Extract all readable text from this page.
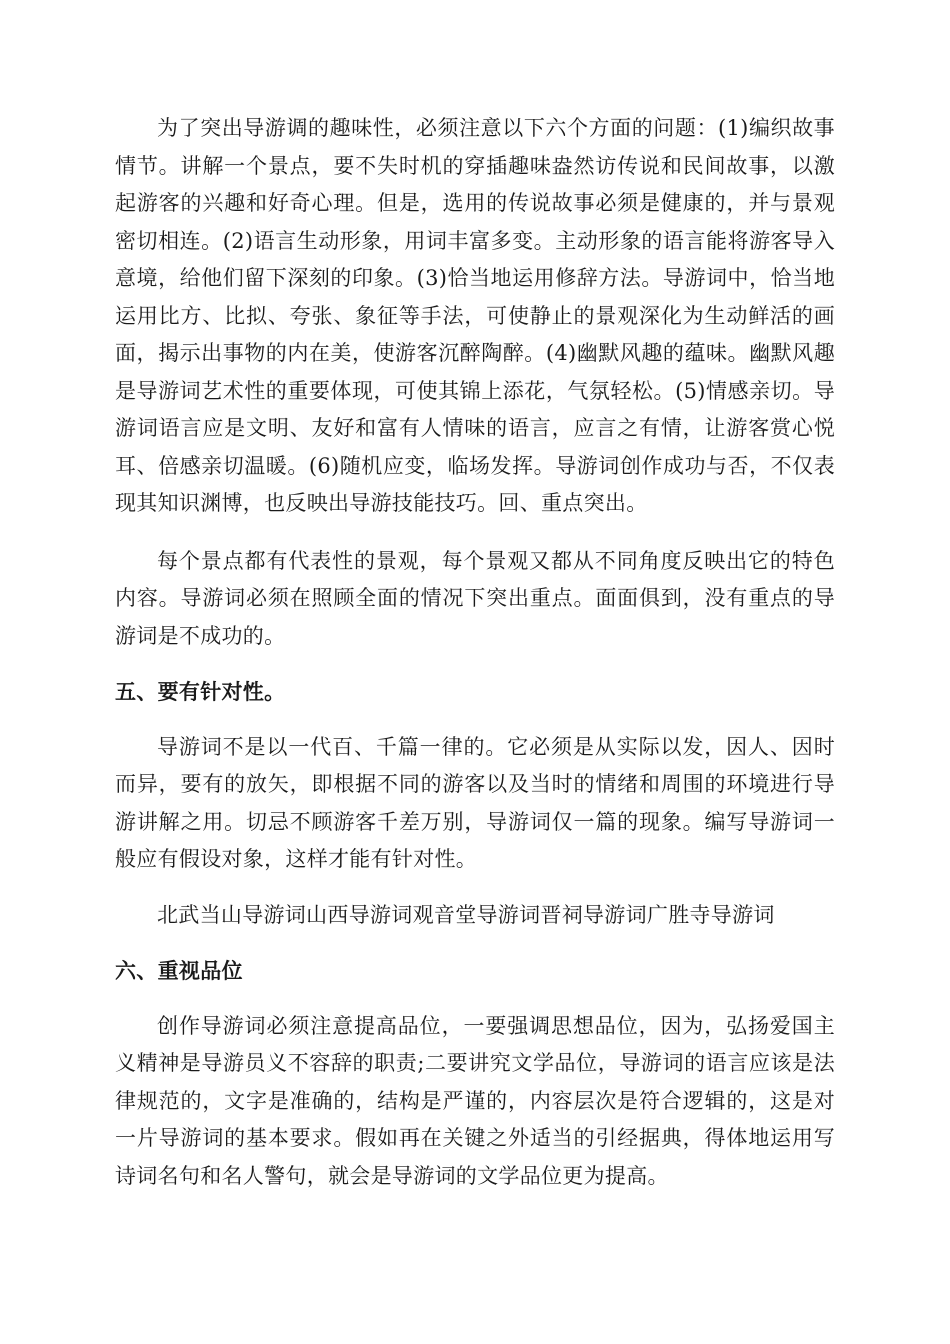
为了突出导游调的趣味性，必须注意以下六个方面的问题：(1)编织故事情节。讲解一个景点，要不失时机的穿插趣味盎然访传说和民间故事，以激起游客的兴趣和好奇心理。但是，选用的传说故事必须是健康的，并与景观密切相连。(2)语言生动形象，用词丰富多变。主动形象的语言能将游客导入意境，给他们留下深刻的印象。(3)恰当地运用修辞方法。导游词中，恰当地运用比方、比拟、夸张、象征等手法，可使静止的景观深化为生动鲜活的画面，揭示出事物的内在美，使游客沉醉陶醉。(4)幽默风趣的蕴味。幽默风趣是导游词艺术性的重要体现，可使其锦上添花，气氛轻松。(5)情感亲切。导游词语言应是文明、友好和富有人情味的语言，应言之有情，让游客赏心悦耳、倍感亲切温暖。(6)随机应变，临场发挥。导游词创作成功与否，不仅表现其知识渊博，也反映出导游技能技巧。回、重点突出。

每个景点都有代表性的景观，每个景观又都从不同角度反映出它的特色内容。导游词必须在照顾全面的情况下突出重点。面面俱到，没有重点的导游词是不成功的。

五、要有针对性。

导游词不是以一代百、千篇一律的。它必须是从实际以发，因人、因时而异，要有的放矢，即根据不同的游客以及当时的情绪和周围的环境进行导游讲解之用。切忌不顾游客千差万别，导游词仅一篇的现象。编写导游词一般应有假设对象，这样才能有针对性。

北武当山导游词山西导游词观音堂导游词晋祠导游词广胜寺导游词

六、重视品位

创作导游词必须注意提高品位，一要强调思想品位，因为，弘扬爱国主义精神是导游员义不容辞的职责;二要讲究文学品位，导游词的语言应该是法律规范的，文字是准确的，结构是严谨的，内容层次是符合逻辑的，这是对一片导游词的基本要求。假如再在关键之外适当的引经据典，得体地运用写诗词名句和名人警句，就会是导游词的文学品位更为提高。
